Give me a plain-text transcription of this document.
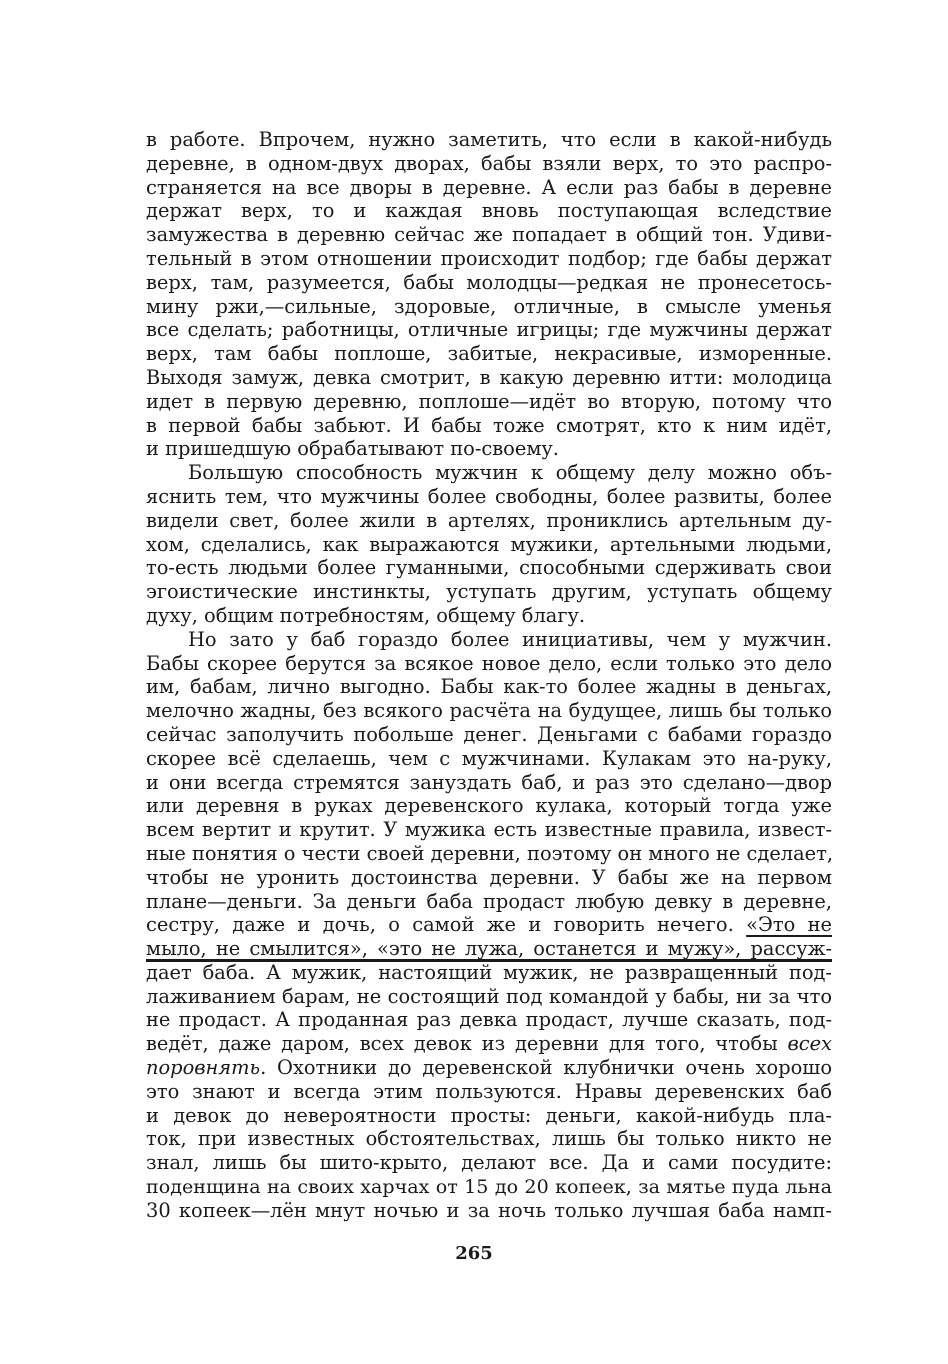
в работе. Впрочем, нужно заметить, что если в какой-нибудь
деревне, в одном-двух дворах, бабы взяли верх, то это распро-
страняется на все дворы в деревне. А если раз бабы в деревне
держат верх, то и каждая вновь поступающая вследствие
замужества в деревню сейчас же попадает в общий тон. Удиви-
тельный в этом отношении происходит подбор; где бабы держат
верх, там, разумеется, бабы молодцы—редкая не пронесетось-
мину ржи,—сильные, здоровые, отличные, в смысле уменья
все сделать; работницы, отличные игрицы; где мужчины держат
верх, там бабы поплоше, забитые, некрасивые, изморенные.
Выходя замуж, девка смотрит, в какую деревню итти: молодица
идет в первую деревню, поплоше—идёт во вторую, потому что
в первой бабы забьют. И бабы тоже смотрят, кто к ним идёт,
и пришедшую обрабатывают по-своему.
Большую способность мужчин к общему делу можно объ-
яснить тем, что мужчины более свободны, более развиты, более
видели свет, более жили в артелях, прониклись артельным ду-
хом, сделались, как выражаются мужики, артельными людьми,
то-есть людьми более гуманными, способными сдерживать свои
эгоистические инстинкты, уступать другим, уступать общему
духу, общим потребностям, общему благу.
Но зато у баб гораздо более инициативы, чем у мужчин.
Бабы скорее берутся за всякое новое дело, если только это дело
им, бабам, лично выгодно. Бабы как-то более жадны в деньгах,
мелочно жадны, без всякого расчёта на будущее, лишь бы только
сейчас заполучить побольше денег. Деньгами с бабами гораздо
скорее всё сделаешь, чем с мужчинами. Кулакам это на-руку,
и они всегда стремятся зануздать баб, и раз это сделано—двор
или деревня в руках деревенского кулака, который тогда уже
всем вертит и крутит. У мужика есть известные правила, извест-
ные понятия о чести своей деревни, поэтому он много не сделает,
чтобы не уронить достоинства деревни. У бабы же на первом
плане—деньги. За деньги баба продаст любую девку в деревне,
сестру, даже и дочь, о самой же и говорить нечего. «Это не
мыло, не смылится», «это не лужа, останется и мужу», рассуж-
дает баба. А мужик, настоящий мужик, не развращенный под-
лаживанием барам, не состоящий под командой у бабы, ни за что
не продаст. А проданная раз девка продаст, лучше сказать, под-
ведёт, даже даром, всех девок из деревни для того, чтобы всех
поровнять. Охотники до деревенской клубнички очень хорошо
это знают и всегда этим пользуются. Нравы деревенских баб
и девок до невероятности просты: деньги, какой-нибудь пла-
ток, при известных обстоятельствах, лишь бы только никто не
знал, лишь бы шито-крыто, делают все. Да и сами посудите:
поденщина на своих харчах от 15 до 20 копеек, за мятье пуда льна
30 копеек—лён мнут ночью и за ночь только лучшая баба намп-
265
